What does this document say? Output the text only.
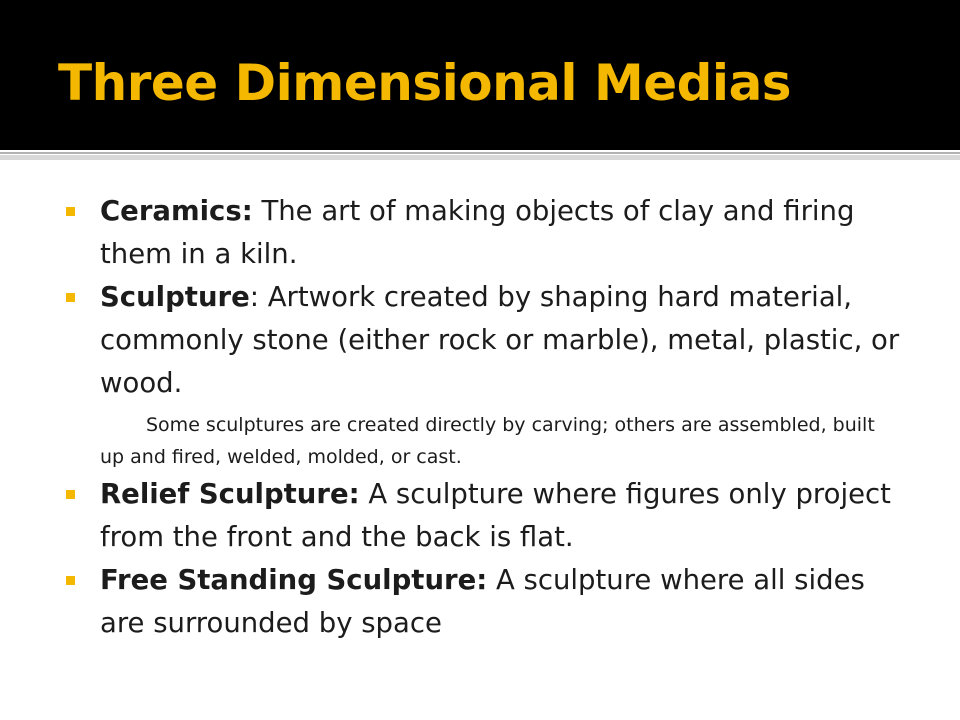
Three Dimensional Medias
Ceramics: The art of making objects of clay and firing them in a kiln.
Sculpture: Artwork created by shaping hard material, commonly stone (either rock or marble), metal, plastic, or wood.

Some sculptures are created directly by carving; others are assembled, built up and fired, welded, molded, or cast.

Relief Sculpture: A sculpture where figures only project from the front and the back is flat.
Free Standing Sculpture: A sculpture where all sides are surrounded by space
